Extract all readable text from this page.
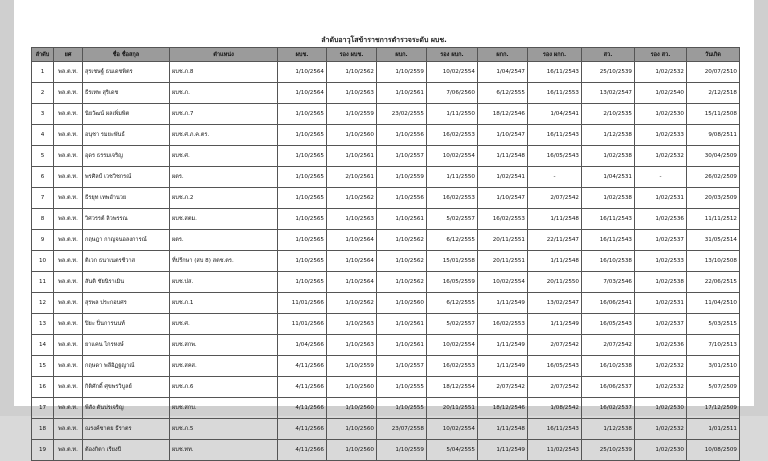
ลำดับอาวุโสข้าราชการตำรวจระดับ ผบช.
ลำดับ	ยศ	ชื่อ ชื่อสกุล	ตำแหน่ง	ผบช.	รอง ผบช.	ผบก.	รอง ผบก.	ผกก.	รอง ผกก.	สว.	รอง สว.	วันเกิด
1	พล.ต.ท.	สุรเชษฐ์ ธนเดชพิตร	ผบช.ภ.8	1/10/2564	1/10/2562	1/10/2559	10/02/2554	1/04/2547	16/11/2543	25/10/2539	1/02/2532	20/07/2510
2	พล.ต.ท.	ธีรเทพ สุริเดช	ผบช.ภ.	1/10/2564	1/10/2563	1/10/2561	7/06/2560	6/12/2555	16/11/2553	13/02/2547	1/02/2540	2/12/2518
3	พล.ต.ท.	นิยวัฒน์ ผลเพิ่มพิต	ผบช.ภ.7	1/10/2565	1/10/2559	23/02/2555	1/11/2550	18/12/2546	1/04/2541	2/10/2535	1/02/2530	15/11/2508
4	พล.ต.ท.	อนุชา รมยะพันธ์	ผบช.ศ.ภ.ค.ตร.	1/10/2565	1/10/2560	1/10/2556	16/02/2553	1/10/2547	16/11/2543	1/12/2538	1/02/2533	9/08/2511
5	พล.ต.ท.	อุดร ธรรมเจริญ	ผบช.ศ.	1/10/2565	1/10/2561	1/10/2557	10/02/2554	1/11/2548	16/05/2543	1/02/2538	1/02/2532	30/04/2509
6	พล.ต.ท.	พรศิลป์ เวชวิชกรณ์	ผตร.	1/10/2565	2/10/2561	1/10/2559	1/11/2550	1/02/2541	-	1/04/2531	-	26/02/2509
7	พล.ต.ท.	ธีรยุท เทพอำนวย	ผบช.ภ.2	1/10/2565	1/10/2562	1/10/2556	16/02/2553	1/10/2547	2/07/2542	1/02/2538	1/02/2531	20/03/2509
8	พล.ต.ท.	วิศวรรต์ ลิวพรรณ	ผบช.สตม.	1/10/2565	1/10/2563	1/10/2561	5/02/2557	16/02/2553	1/11/2548	16/11/2543	1/02/2536	11/11/2512
9	พล.ต.ท.	กฤษฎา กาญจนอลงการณ์	ผตร.	1/10/2565	1/10/2564	1/10/2562	6/12/2555	20/11/2551	22/11/2547	16/11/2543	1/02/2537	31/05/2514
10	พล.ต.ท.	ติเวก ธนาเนตรชีวาส	ที่ปรึกษา (สบ 8) สตช.ตร.	1/10/2565	1/10/2564	1/10/2562	15/01/2558	20/11/2551	1/11/2548	16/10/2538	1/02/2533	13/10/2508
11	พล.ต.ท.	สันติ ชัยนิราเมิน	ผบช.ปส.	1/10/2565	1/10/2564	1/10/2562	16/05/2559	10/02/2554	20/11/2550	7/03/2546	1/02/2538	22/06/2515
12	พล.ต.ท.	สุรพล ประกอบศร	ผบช.ภ.1	11/01/2566	1/10/2562	1/10/2560	6/12/2555	1/11/2549	13/02/2547	16/06/2541	1/02/2531	11/04/2510
13	พล.ต.ท.	ปิยะ ปิ่นการนนท์	ผบช.ศ.	11/01/2566	1/10/2563	1/10/2561	5/02/2557	16/02/2553	1/11/2549	16/05/2543	1/02/2537	5/03/2515
14	พล.ต.ท.	ยาแคน ไกรหงษ์	ผบช.สกพ.	1/04/2566	1/10/2563	1/10/2561	10/02/2554	1/11/2549	2/07/2542	2/07/2542	1/02/2536	7/10/2513
15	พล.ต.ท.	กฤษดา พลีอิฏฐญาณ์	ผบช.สคส.	4/11/2566	1/10/2559	1/10/2557	16/02/2553	1/11/2549	16/05/2543	16/10/2538	1/02/2532	3/01/2510
16	พล.ต.ท.	กิติศักดิ์ ศุขพรวิบูลย์	ผบช.ภ.6	4/11/2566	1/10/2560	1/10/2555	18/12/2554	2/07/2542	2/07/2542	16/06/2537	1/02/2532	5/07/2509
17	พล.ต.ท.	พีสัง ตันปรเจริญ	ผบช.สกบ.	4/11/2566	1/10/2560	1/10/2555	20/11/2551	18/12/2546	1/08/2542	16/02/2537	1/02/2530	17/12/2509
18	พล.ต.ท.	ณรงค์ชาตย ธีราตร	ผบช.ภ.5	4/11/2566	1/10/2560	23/07/2558	10/02/2554	1/11/2548	16/11/2543	1/12/2538	1/02/2532	1/01/2511
19	พล.ต.ท.	ต้องกิตา เรียงปี	ผบช.ทท.	4/11/2566	1/10/2560	1/10/2559	5/04/2555	1/11/2549	11/02/2543	25/10/2539	1/02/2530	10/08/2509
